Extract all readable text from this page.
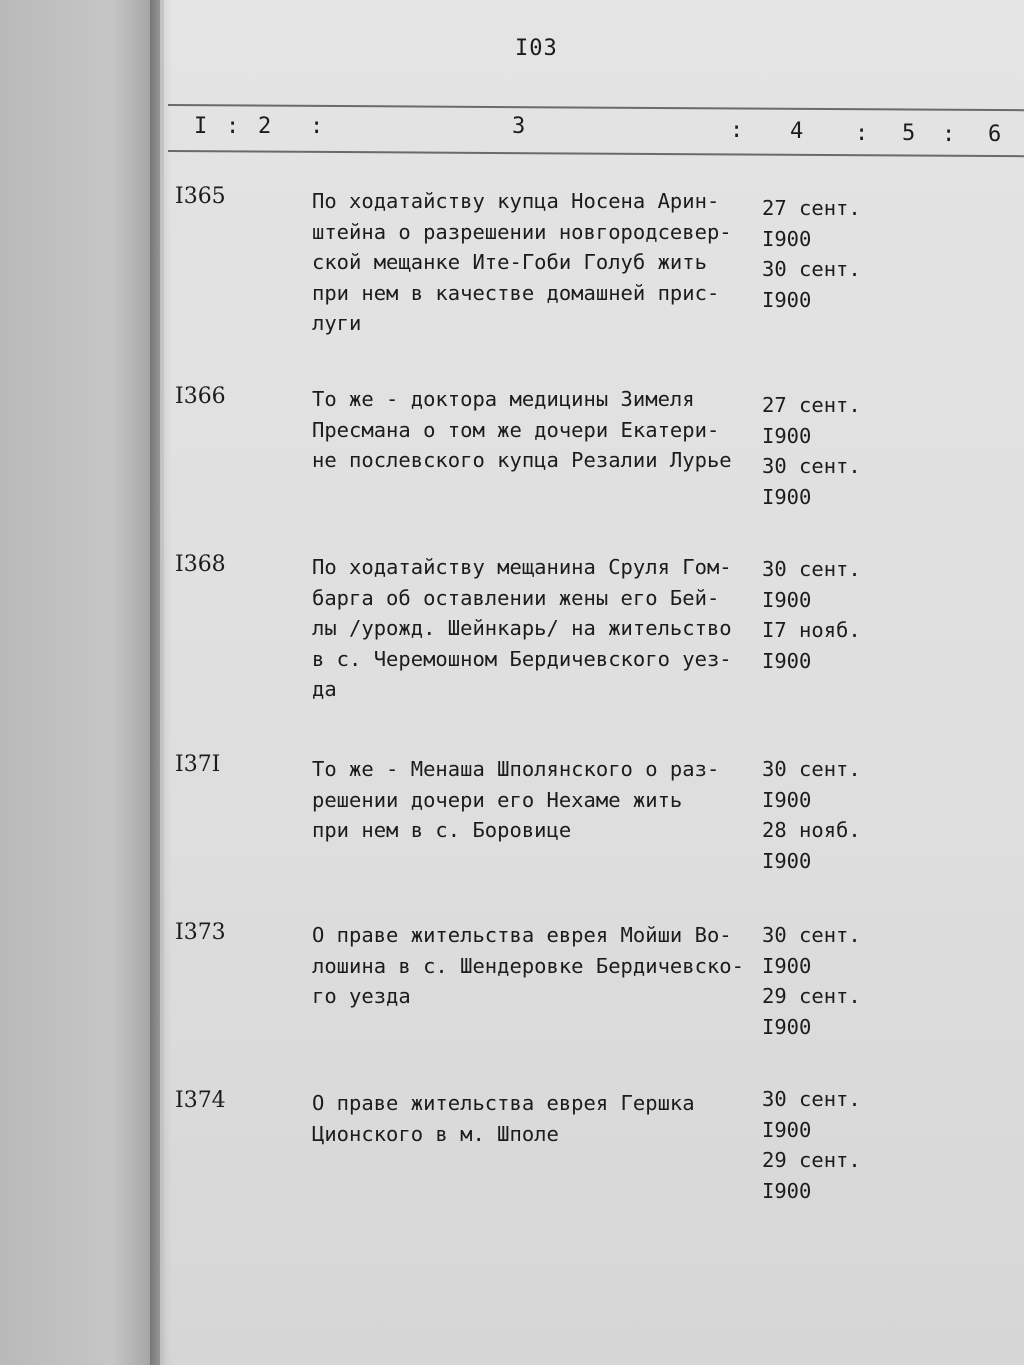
I03
I : 2 :	3	: 4 : 5 : 6
I365	По ходатайству купца Носена Арин-
штейна о разрешении новгородсевер-
ской мещанке Ите-Гоби Голуб жить
при нем в качестве домашней прис-
луги
27 сент.
I900
30 сент.
I900
I366	То же - доктора медицины Зимеля
Пресмана о том же дочери Екатери-
не послевского купца Резалии Лурье
27 сент.
I900
30 сент.
I900
I368	По ходатайству мещанина Сруля Гом-
барга об оставлении жены его Бей-
лы /урожд. Шейнкарь/ на жительство
в с. Черемошном Бердичевского уез-
да
30 сент.
I900
I7 нояб.
I900
I37I	То же - Менаша Шполянского о раз-
решении дочери его Нехаме жить
при нем в с. Боровице
30 сент.
I900
28 нояб.
I900
I373	О праве жительства еврея Мойши Во-
лошина в с. Шендеровке Бердичевско-
го уезда
30 сент.
I900
29 сент.
I900
I374	О праве жительства еврея Гершка
Ционского в м. Шполе
30 сент.
I900
29 сент.
I900
